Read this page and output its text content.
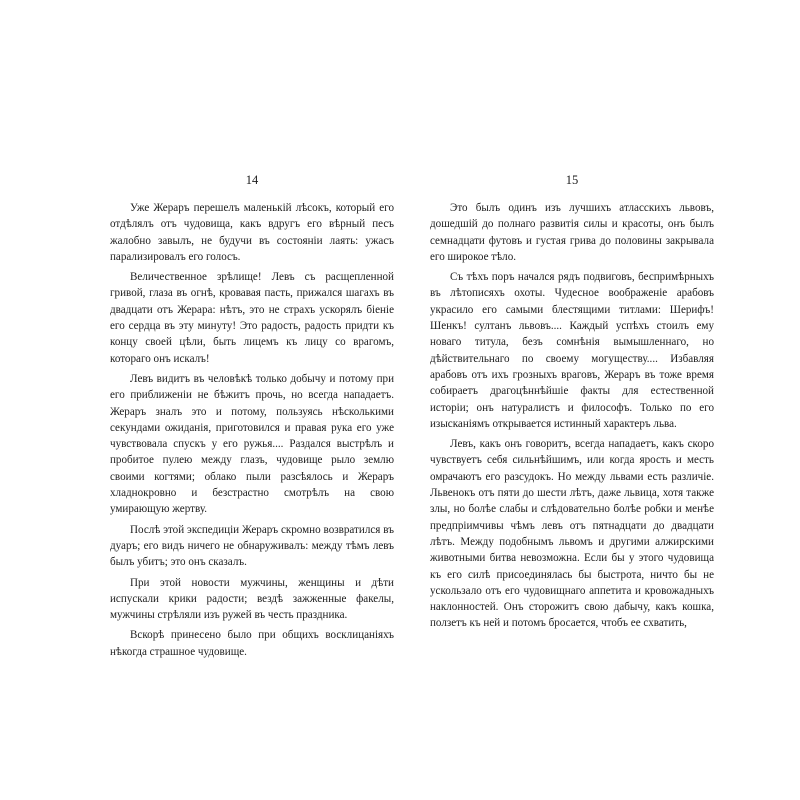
14

Уже Жераръ перешелъ маленькій лѣсокъ, который его отдѣлялъ отъ чудовища, какъ вдругъ его вѣрный песъ жалобно завылъ, не будучи въ состояніи лаять: ужасъ парализировалъ его голосъ.

Величественное зрѣлище! Левъ съ расщепленной гривой, глаза въ огнѣ, кровавая пасть, прижался шагахъ въ двадцати отъ Жерара: нѣтъ, это не страхъ ускорялъ біеніе его сердца въ эту минуту! Это радость, радость придти къ концу своей цѣли, быть лицемъ къ лицу со врагомъ, котораго онъ искалъ!

Левъ видитъ въ человѣкѣ только добычу и потому при его приближеніи не бѣжитъ прочь, но всегда нападаетъ. Жераръ зналъ это и потому, пользуясь нѣсколькими секундами ожиданія, приготовился и правая рука его уже чувствовала спускъ у его ружья.... Раздался выстрѣлъ и пробитое пулею между глазъ, чудовище рыло землю своими когтями; облако пыли разсѣялось и Жераръ хладнокровно и безстрастно смотрѣлъ на свою умирающую жертву.

Послѣ этой экспедиціи Жераръ скромно возвратился въ дуаръ; его видъ ничего не обнаруживалъ: между тѣмъ левъ былъ убитъ; это онъ сказалъ.

При этой новости мужчины, женщины и дѣти испускали крики радости; вездѣ зажженные факелы, мужчины стрѣляли изъ ружей въ честь праздника.

Вскорѣ принесено было при общихъ восклицаніяхъ нѣкогда страшное чудовище.

15

Это былъ одинъ изъ лучшихъ атласскихъ львовъ, дошедшій до полнаго развитія силы и красоты, онъ былъ семнадцати футовъ и густая грива до половины закрывала его широкое тѣло.

Съ тѣхъ поръ начался рядъ подвиговъ, беспримѣрныхъ въ лѣтописяхъ охоты. Чудесное воображеніе арабовъ украсило его самыми блестящими титлами: Шерифъ! Шенкъ! султанъ львовъ.... Каждый успѣхъ стоилъ ему новаго титула, безъ сомнѣнія вымышленнаго, но дѣйствительнаго по своему могуществу.... Избавляя арабовъ отъ ихъ грозныхъ враговъ, Жераръ въ тоже время собираетъ драгоцѣннѣйшіе факты для естественной исторіи; онъ натуралистъ и философъ. Только по его изысканіямъ открывается истинный характеръ льва.

Левъ, какъ онъ говоритъ, всегда нападаетъ, какъ скоро чувствуетъ себя сильнѣйшимъ, или когда ярость и месть омрачаютъ его разсудокъ. Но между львами есть различіе. Львенокъ отъ пяти до шести лѣтъ, даже львица, хотя также злы, но болѣе слабы и слѣдовательно болѣе робки и менѣе предпріимчивы чѣмъ левъ отъ пятнадцати до двадцати лѣтъ. Между подобнымъ львомъ и другими алжирскими животными битва невозможна. Если бы у этого чудовища къ его силѣ присоединялась бы быстрота, ничто бы не ускользало отъ его чудовищнаго аппетита и кровожадныхъ наклонностей. Онъ сторожитъ свою дабычу, какъ кошка, ползетъ къ ней и потомъ бросается, чтобъ ее схватить,
